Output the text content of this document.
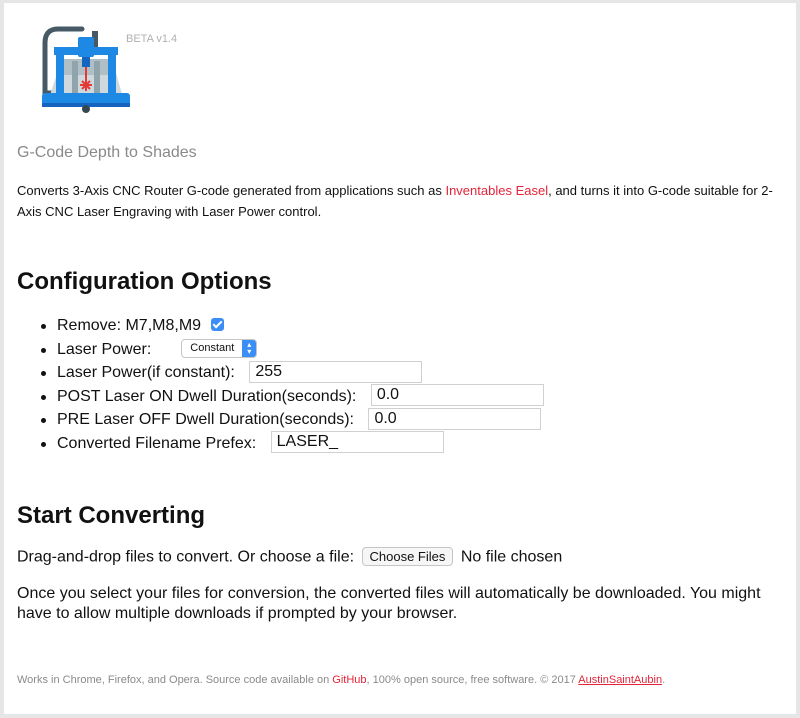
BETA v1.4
G-Code Depth to Shades
Converts 3-Axis CNC Router G-code generated from applications such as Inventables Easel, and turns it into G-code suitable for 2-Axis CNC Laser Engraving with Laser Power control.
Configuration Options
Remove: M7,M8,M9
Laser Power:	Constant	▴
▾
Laser Power(if constant): 255
POST Laser ON Dwell Duration(seconds): 0.0
PRE Laser OFF Dwell Duration(seconds): 0.0
Converted Filename Prefex: LASER_
Start Converting
Drag-and-drop files to convert. Or choose a file: Choose Files No file chosen
Once you select your files for conversion, the converted files will automatically be downloaded. You might have to allow multiple downloads if prompted by your browser.
Works in Chrome, Firefox, and Opera. Source code available on GitHub, 100% open source, free software. © 2017 AustinSaintAubin.
